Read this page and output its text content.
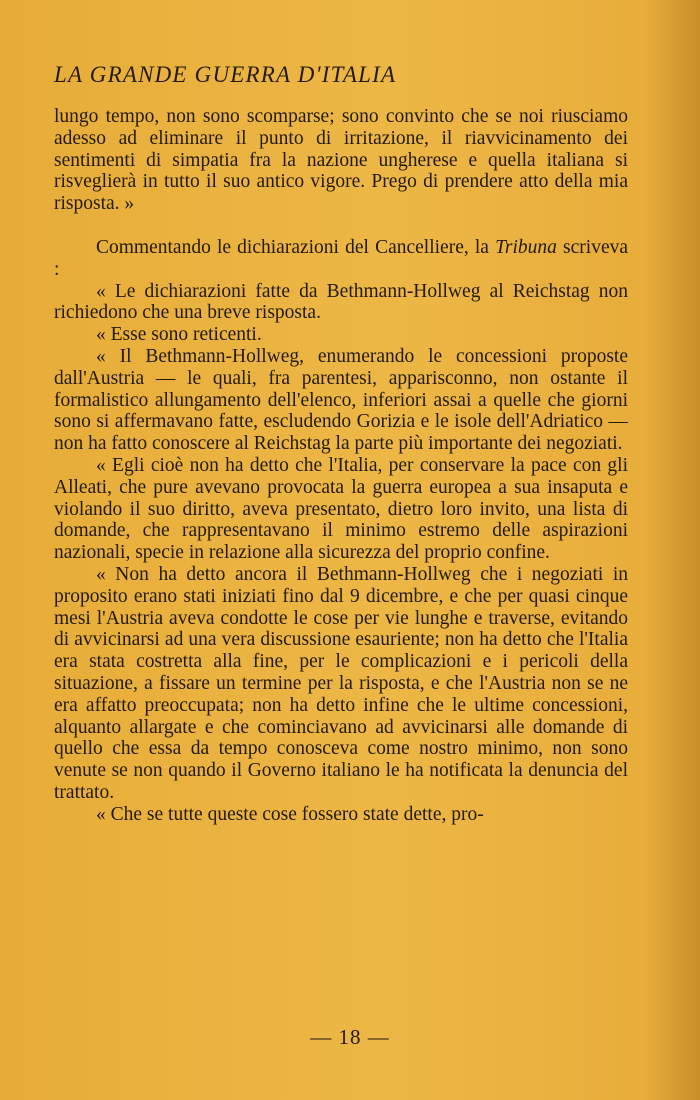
LA GRANDE GUERRA D'ITALIA

lungo tempo, non sono scomparse; sono convinto che se noi riusciamo adesso ad eliminare il punto di irritazione, il riavvicinamento dei sentimenti di simpatia fra la nazione ungherese e quella italiana si risveglierà in tutto il suo antico vigore. Prego di prendere atto della mia risposta. »

Commentando le dichiarazioni del Cancelliere, la Tribuna scriveva :

« Le dichiarazioni fatte da Bethmann-Hollweg al Reichstag non richiedono che una breve risposta.

« Esse sono reticenti.

« Il Bethmann-Hollweg, enumerando le concessioni proposte dall'Austria — le quali, fra parentesi, apparisconno, non ostante il formalistico allungamento dell'elenco, inferiori assai a quelle che giorni sono si affermavano fatte, escludendo Gorizia e le isole dell'Adriatico — non ha fatto conoscere al Reichstag la parte più importante dei negoziati.

« Egli cioè non ha detto che l'Italia, per conservare la pace con gli Alleati, che pure avevano provocata la guerra europea a sua insaputa e violando il suo diritto, aveva presentato, dietro loro invito, una lista di domande, che rappresentavano il minimo estremo delle aspirazioni nazionali, specie in relazione alla sicurezza del proprio confine.

« Non ha detto ancora il Bethmann-Hollweg che i negoziati in proposito erano stati iniziati fino dal 9 dicembre, e che per quasi cinque mesi l'Austria aveva condotte le cose per vie lunghe e traverse, evitando di avvicinarsi ad una vera discussione esauriente; non ha detto che l'Italia era stata costretta alla fine, per le complicazioni e i pericoli della situazione, a fissare un termine per la risposta, e che l'Austria non se ne era affatto preoccupata; non ha detto infine che le ultime concessioni, alquanto allargate e che cominciavano ad avvicinarsi alle domande di quello che essa da tempo conosceva come nostro minimo, non sono venute se non quando il Governo italiano le ha notificata la denuncia del trattato.

« Che se tutte queste cose fossero state dette, pro-

— 18 —
